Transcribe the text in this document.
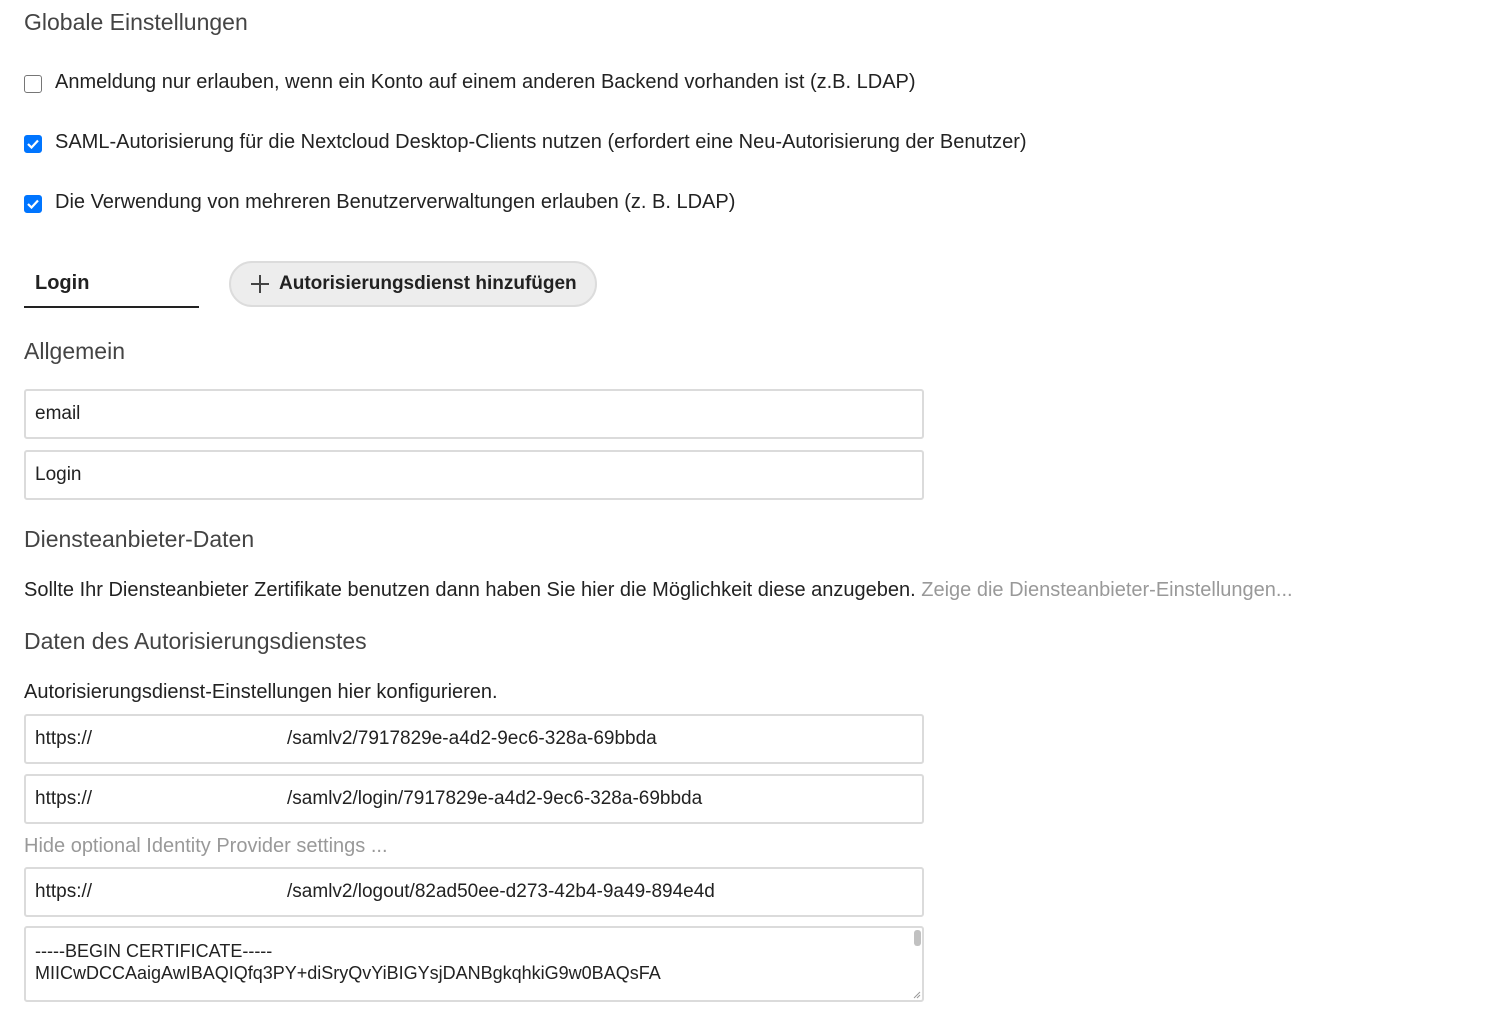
Globale Einstellungen
Anmeldung nur erlauben, wenn ein Konto auf einem anderen Backend vorhanden ist (z.B. LDAP)
SAML-Autorisierung für die Nextcloud Desktop-Clients nutzen (erfordert eine Neu-Autorisierung der Benutzer)
Die Verwendung von mehreren Benutzerverwaltungen erlauben (z. B. LDAP)
Login	Autorisierungsdienst hinzufügen
Allgemein
email
Login
Diensteanbieter-Daten
Sollte Ihr Diensteanbieter Zertifikate benutzen dann haben Sie hier die Möglichkeit diese anzugeben. Zeige die Diensteanbieter-Einstellungen...
Daten des Autorisierungsdienstes
Autorisierungsdienst-Einstellungen hier konfigurieren.
https://	/samlv2/7917829e-a4d2-9ec6-328a-69bbda
https://	/samlv2/login/7917829e-a4d2-9ec6-328a-69bbda
Hide optional Identity Provider settings ...
https://	/samlv2/logout/82ad50ee-d273-42b4-9a49-894e4d
-----BEGIN CERTIFICATE-----
MIICwDCCAaigAwIBAQIQfq3PY+diSryQvYiBIGYsjDANBgkqhkiG9w0BAQsFA
